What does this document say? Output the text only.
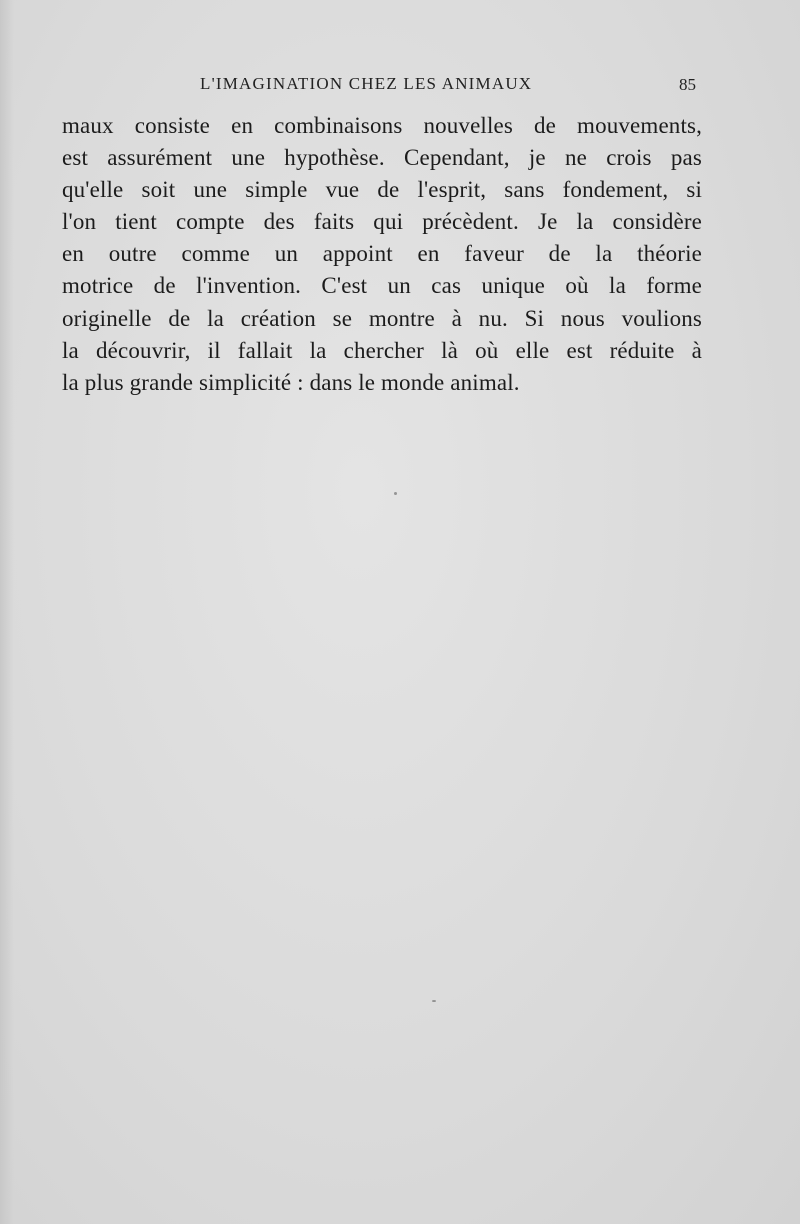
L'IMAGINATION CHEZ LES ANIMAUX	85
maux consiste en combinaisons nouvelles de mouvements,
est assurément une hypothèse. Cependant, je ne crois pas
qu'elle soit une simple vue de l'esprit, sans fondement, si
l'on tient compte des faits qui précèdent. Je la considère
en outre comme un appoint en faveur de la théorie
motrice de l'invention. C'est un cas unique où la forme
originelle de la création se montre à nu. Si nous voulions
la découvrir, il fallait la chercher là où elle est réduite à
la plus grande simplicité : dans le monde animal.
